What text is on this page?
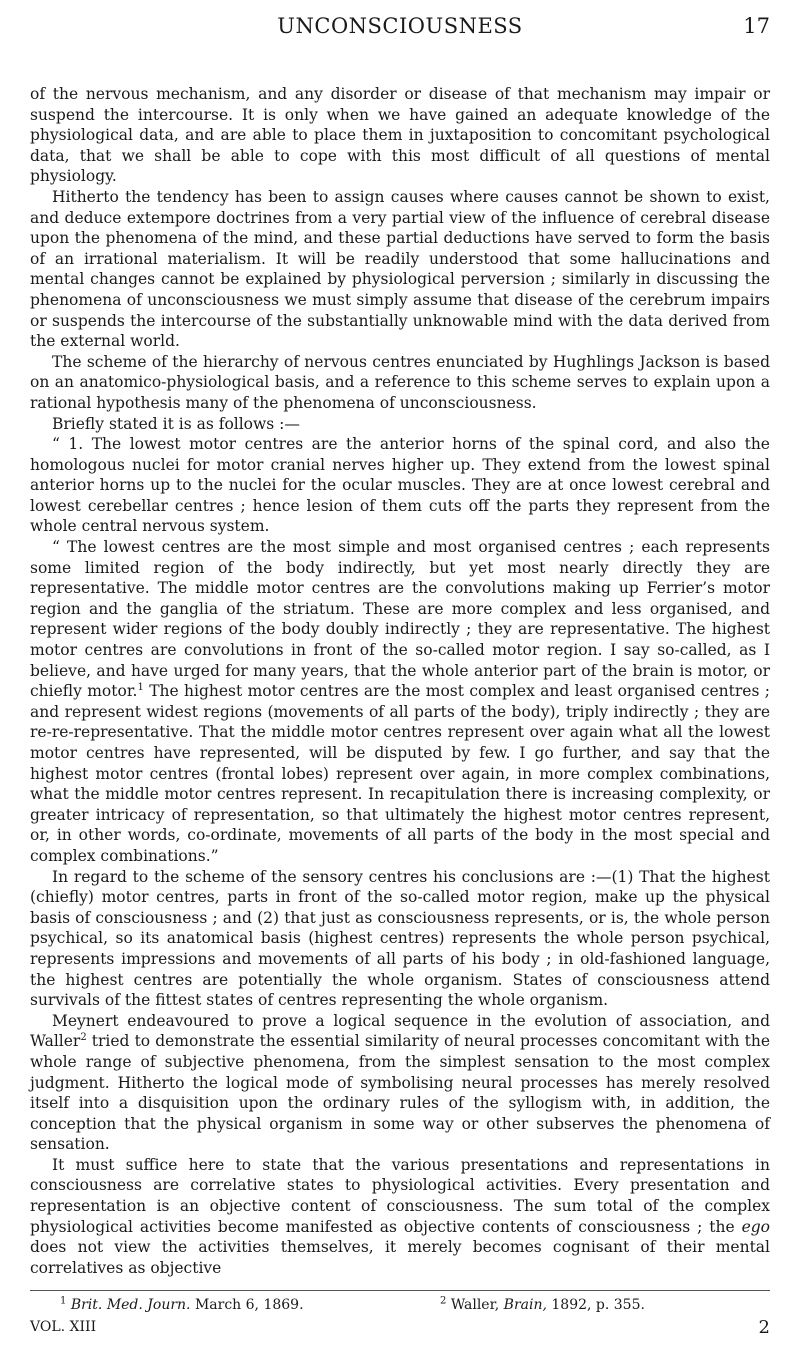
UNCONSCIOUSNESS	17

of the nervous mechanism, and any disorder or disease of that mechanism may impair or suspend the intercourse. It is only when we have gained an adequate knowledge of the physiological data, and are able to place them in juxtaposition to concomitant psychological data, that we shall be able to cope with this most difficult of all questions of mental physiology.

Hitherto the tendency has been to assign causes where causes cannot be shown to exist, and deduce extempore doctrines from a very partial view of the influence of cerebral disease upon the phenomena of the mind, and these partial deductions have served to form the basis of an irrational materialism. It will be readily understood that some hallucinations and mental changes cannot be explained by physiological perversion ; similarly in discussing the phenomena of unconsciousness we must simply assume that disease of the cerebrum impairs or suspends the intercourse of the substantially unknowable mind with the data derived from the external world.

The scheme of the hierarchy of nervous centres enunciated by Hughlings Jackson is based on an anatomico-physiological basis, and a reference to this scheme serves to explain upon a rational hypothesis many of the phenomena of unconsciousness.

Briefly stated it is as follows :—

“ 1. The lowest motor centres are the anterior horns of the spinal cord, and also the homologous nuclei for motor cranial nerves higher up. They extend from the lowest spinal anterior horns up to the nuclei for the ocular muscles. They are at once lowest cerebral and lowest cerebellar centres ; hence lesion of them cuts off the parts they represent from the whole central nervous system.

“ The lowest centres are the most simple and most organised centres ; each represents some limited region of the body indirectly, but yet most nearly directly they are representative. The middle motor centres are the convolutions making up Ferrier’s motor region and the ganglia of the striatum. These are more complex and less organised, and represent wider regions of the body doubly indirectly ; they are representative. The highest motor centres are convolutions in front of the so-called motor region. I say so-called, as I believe, and have urged for many years, that the whole anterior part of the brain is motor, or chiefly motor.$^1$ The highest motor centres are the most complex and least organised centres ; and represent widest regions (movements of all parts of the body), triply indirectly ; they are re-re-representative. That the middle motor centres represent over again what all the lowest motor centres have represented, will be disputed by few. I go further, and say that the highest motor centres (frontal lobes) represent over again, in more complex combinations, what the middle motor centres represent. In recapitulation there is increasing complexity, or greater intricacy of representation, so that ultimately the highest motor centres represent, or, in other words, co-ordinate, movements of all parts of the body in the most special and complex combinations.”

In regard to the scheme of the sensory centres his conclusions are :—(1) That the highest (chiefly) motor centres, parts in front of the so-called motor region, make up the physical basis of consciousness ; and (2) that just as consciousness represents, or is, the whole person psychical, so its anatomical basis (highest centres) represents the whole person psychical, represents impressions and movements of all parts of his body ; in old-fashioned language, the highest centres are potentially the whole organism. States of consciousness attend survivals of the fittest states of centres representing the whole organism.

Meynert endeavoured to prove a logical sequence in the evolution of association, and Waller$^2$ tried to demonstrate the essential similarity of neural processes concomitant with the whole range of subjective phenomena, from the simplest sensation to the most complex judgment. Hitherto the logical mode of symbolising neural processes has merely resolved itself into a disquisition upon the ordinary rules of the syllogism with, in addition, the conception that the physical organism in some way or other subserves the phenomena of sensation.

It must suffice here to state that the various presentations and representations in consciousness are correlative states to physiological activities. Every presentation and representation is an objective content of consciousness. The sum total of the complex physiological activities become manifested as objective contents of consciousness ; the ego does not view the activities themselves, it merely becomes cognisant of their mental correlatives as objective

$^1$ Brit. Med. Journ. March 6, 1869.	$^2$ Waller, Brain, 1892, p. 355.
VOL. XIII	2
